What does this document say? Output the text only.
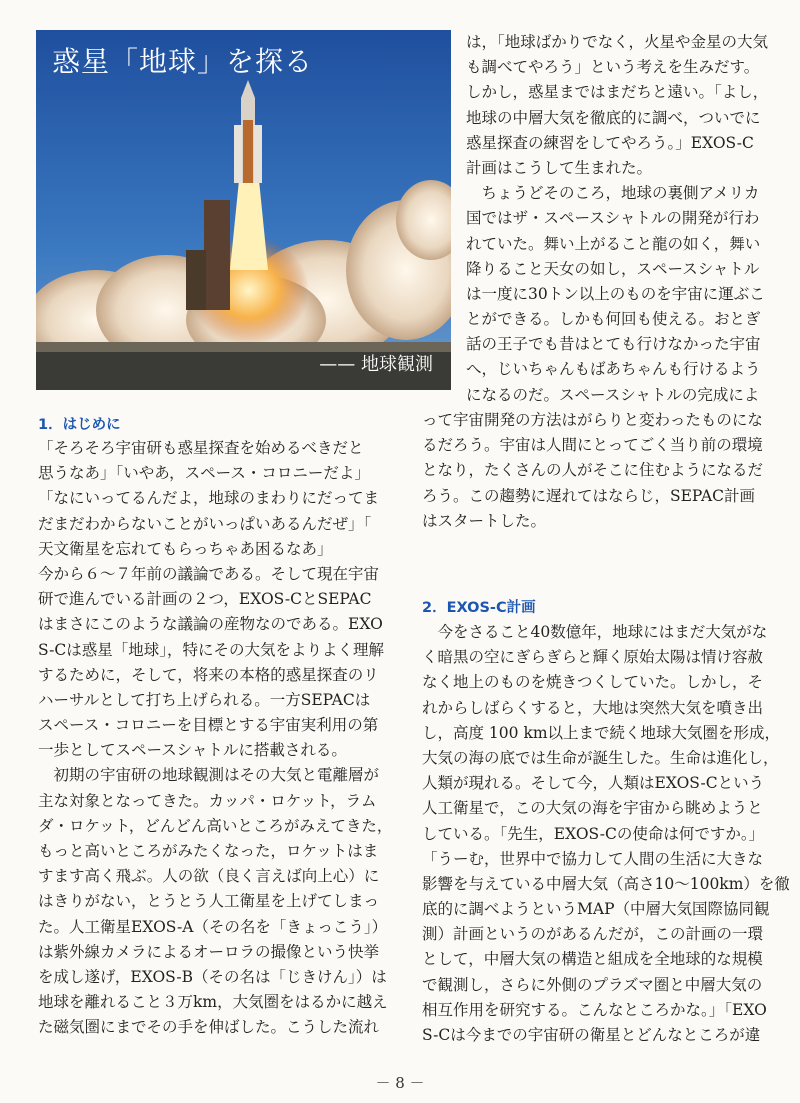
惑星「地球」を探る
—— 地球観測
1．はじめに
「そろそろ宇宙研も惑星探査を始めるべきだと
思うなあ」「いやあ，スペース・コロニーだよ」
「なにいってるんだよ，地球のまわりにだってま
だまだわからないことがいっぱいあるんだぜ」「
天文衛星を忘れてもらっちゃあ困るなあ」
今から６～７年前の議論である。そして現在宇宙
研で進んでいる計画の２つ，EXOS-CとSEPAC
はまさにこのような議論の産物なのである。EXO
S-Cは惑星「地球」，特にその大気をよりよく理解
するために，そして，将来の本格的惑星探査のリ
ハーサルとして打ち上げられる。一方SEPACは
スペース・コロニーを目標とする宇宙実利用の第
一歩としてスペースシャトルに搭載される。
　初期の宇宙研の地球観測はその大気と電離層が
主な対象となってきた。カッパ・ロケット，ラム
ダ・ロケット，どんどん高いところがみえてきた，
もっと高いところがみたくなった，ロケットはま
すます高く飛ぶ。人の欲（良く言えば向上心）に
はきりがない，とうとう人工衛星を上げてしまっ
た。人工衛星EXOS-A（その名を「きょっこう」）
は紫外線カメラによるオーロラの撮像という快挙
を成し遂げ，EXOS-B（その名は「じきけん」）は
地球を離れること３万km，大気圏をはるかに越え
た磁気圏にまでその手を伸ばした。こうした流れ
は，「地球ばかりでなく，火星や金星の大気
も調べてやろう」という考えを生みだす。
しかし，惑星まではまだちと遠い。「よし，
地球の中層大気を徹底的に調べ，ついでに
惑星探査の練習をしてやろう。」EXOS-C
計画はこうして生まれた。
　ちょうどそのころ，地球の裏側アメリカ
国ではザ・スペースシャトルの開発が行わ
れていた。舞い上がること龍の如く，舞い
降りること天女の如し，スペースシャトル
は一度に30トン以上のものを宇宙に運ぶこ
とができる。しかも何回も使える。おとぎ
話の王子でも昔はとても行けなかった宇宙
へ，じいちゃんもばあちゃんも行けるよう
になるのだ。スペースシャトルの完成によ
って宇宙開発の方法はがらりと変わったものにな
るだろう。宇宙は人間にとってごく当り前の環境
となり，たくさんの人がそこに住むようになるだ
ろう。この趨勢に遅れてはならじ，SEPAC計画
はスタートした。
2．EXOS-C計画
　今をさること40数億年，地球にはまだ大気がな
く暗黒の空にぎらぎらと輝く原始太陽は情け容赦
なく地上のものを焼きつくしていた。しかし，そ
れからしばらくすると，大地は突然大気を噴き出
し，高度 100 km以上まで続く地球大気圏を形成，
大気の海の底では生命が誕生した。生命は進化し，
人類が現れる。そして今，人類はEXOS-Cという
人工衛星で，この大気の海を宇宙から眺めようと
している。「先生，EXOS-Cの使命は何ですか。」
「うーむ，世界中で協力して人間の生活に大きな
影響を与えている中層大気（高さ10～100km）を徹
底的に調べようというMAP（中層大気国際協同観
測）計画というのがあるんだが，この計画の一環
として，中層大気の構造と組成を全地球的な規模
で観測し，さらに外側のプラズマ圏と中層大気の
相互作用を研究する。こんなところかな。」「EXO
S-Cは今までの宇宙研の衛星とどんなところが違
－ 8 －
